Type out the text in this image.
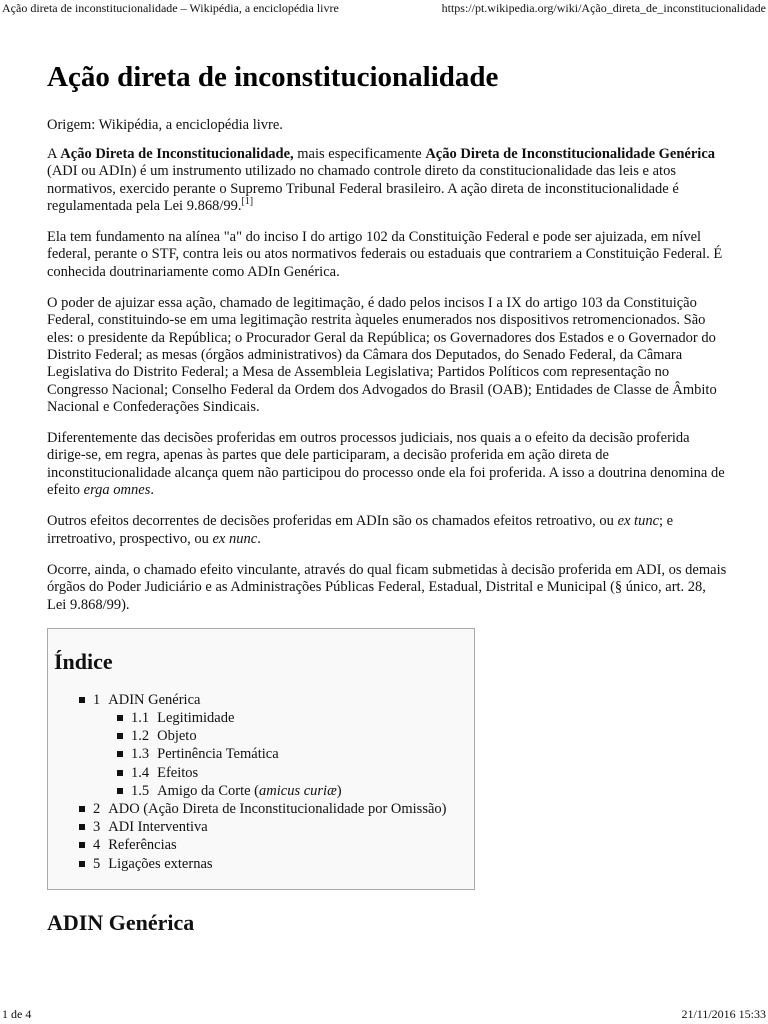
Ação direta de inconstitucionalidade – Wikipédia, a enciclopédia livre	https://pt.wikipedia.org/wiki/Ação_direta_de_inconstitucionalidade
Ação direta de inconstitucionalidade
Origem: Wikipédia, a enciclopédia livre.

A Ação Direta de Inconstitucionalidade, mais especificamente Ação Direta de Inconstitucionalidade Genérica (ADI ou ADIn) é um instrumento utilizado no chamado controle direto da constitucionalidade das leis e atos normativos, exercido perante o Supremo Tribunal Federal brasileiro. A ação direta de inconstitucionalidade é regulamentada pela Lei 9.868/99.[1]

Ela tem fundamento na alínea "a" do inciso I do artigo 102 da Constituição Federal e pode ser ajuizada, em nível federal, perante o STF, contra leis ou atos normativos federais ou estaduais que contrariem a Constituição Federal. É conhecida doutrinariamente como ADIn Genérica.

O poder de ajuizar essa ação, chamado de legitimação, é dado pelos incisos I a IX do artigo 103 da Constituição Federal, constituindo-se em uma legitimação restrita àqueles enumerados nos dispositivos retromencionados. São eles: o presidente da República; o Procurador Geral da República; os Governadores dos Estados e o Governador do Distrito Federal; as mesas (órgãos administrativos) da Câmara dos Deputados, do Senado Federal, da Câmara Legislativa do Distrito Federal; a Mesa de Assembleia Legislativa; Partidos Políticos com representação no Congresso Nacional; Conselho Federal da Ordem dos Advogados do Brasil (OAB); Entidades de Classe de Âmbito Nacional e Confederações Sindicais.

Diferentemente das decisões proferidas em outros processos judiciais, nos quais a o efeito da decisão proferida dirige-se, em regra, apenas às partes que dele participaram, a decisão proferida em ação direta de inconstitucionalidade alcança quem não participou do processo onde ela foi proferida. A isso a doutrina denomina de efeito erga omnes.

Outros efeitos decorrentes de decisões proferidas em ADIn são os chamados efeitos retroativo, ou ex tunc; e irretroativo, prospectivo, ou ex nunc.

Ocorre, ainda, o chamado efeito vinculante, através do qual ficam submetidas à decisão proferida em ADI, os demais órgãos do Poder Judiciário e as Administrações Públicas Federal, Estadual, Distrital e Municipal (§ único, art. 28, Lei 9.868/99).

Índice
1 ADIN Genérica
1.1 Legitimidade
1.2 Objeto
1.3 Pertinência Temática
1.4 Efeitos
1.5 Amigo da Corte (amicus curiæ)
2 ADO (Ação Direta de Inconstitucionalidade por Omissão)
3 ADI Interventiva
4 Referências
5 Ligações externas
ADIN Genérica
1 de 4	21/11/2016 15:33
